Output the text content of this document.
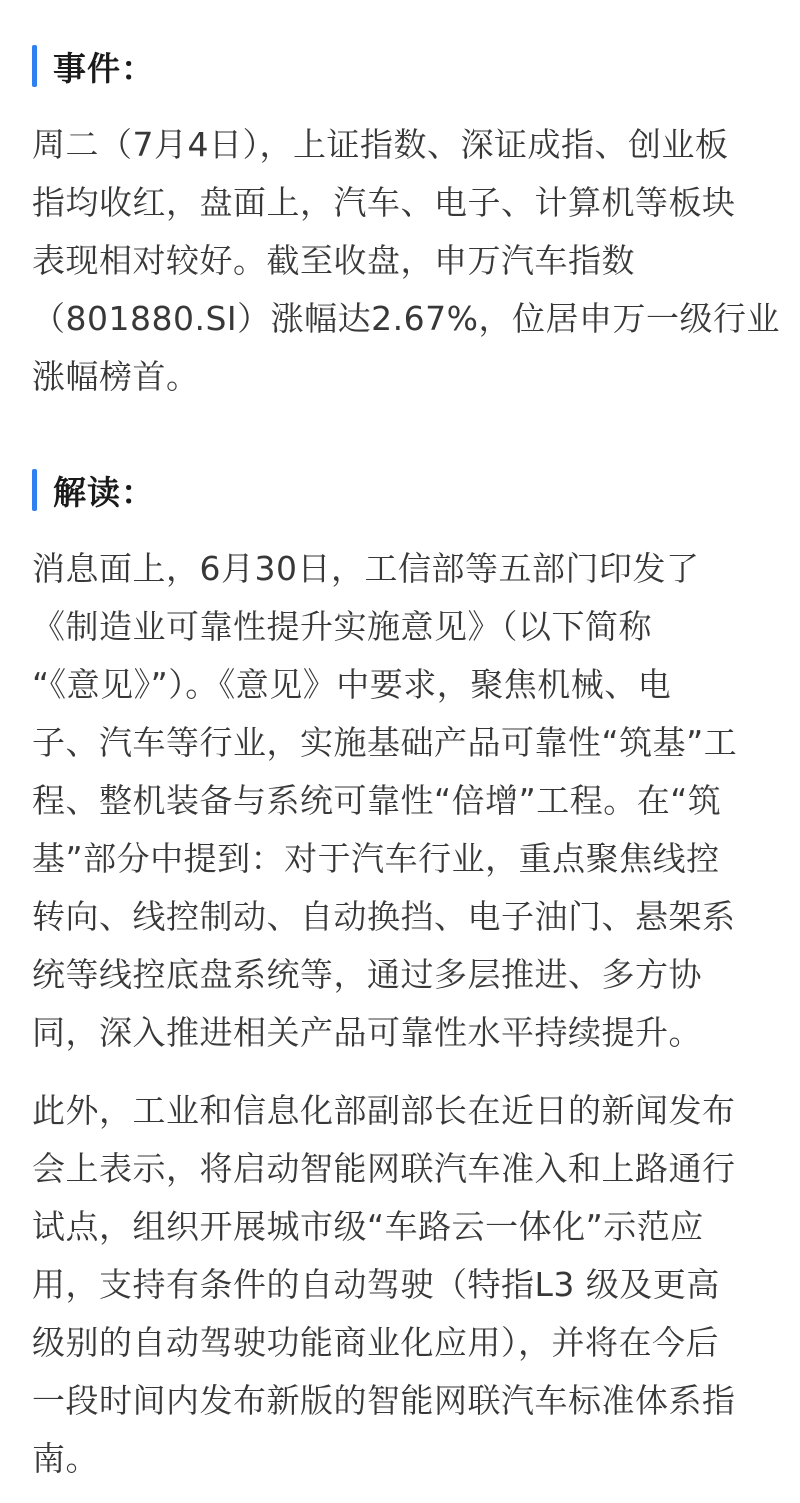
事件：
周二（7月4日），上证指数、深证成指、创业板
指均收红，盘面上，汽车、电子、计算机等板块
表现相对较好。截至收盘，申万汽车指数
（801880.SI）涨幅达2.67%，位居申万一级行业
涨幅榜首。
解读：
消息面上，6月30日，工信部等五部门印发了
《制造业可靠性提升实施意见》（以下简称
“《意见》”）。《意见》中要求，聚焦机械、电
子、汽车等行业，实施基础产品可靠性“筑基”工
程、整机装备与系统可靠性“倍增”工程。在“筑
基”部分中提到：对于汽车行业，重点聚焦线控
转向、线控制动、自动换挡、电子油门、悬架系
统等线控底盘系统等，通过多层推进、多方协
同，深入推进相关产品可靠性水平持续提升。
此外，工业和信息化部副部长在近日的新闻发布
会上表示，将启动智能网联汽车准入和上路通行
试点，组织开展城市级“车路云一体化”示范应
用，支持有条件的自动驾驶（特指L3 级及更高
级别的自动驾驶功能商业化应用），并将在今后
一段时间内发布新版的智能网联汽车标准体系指
南。
